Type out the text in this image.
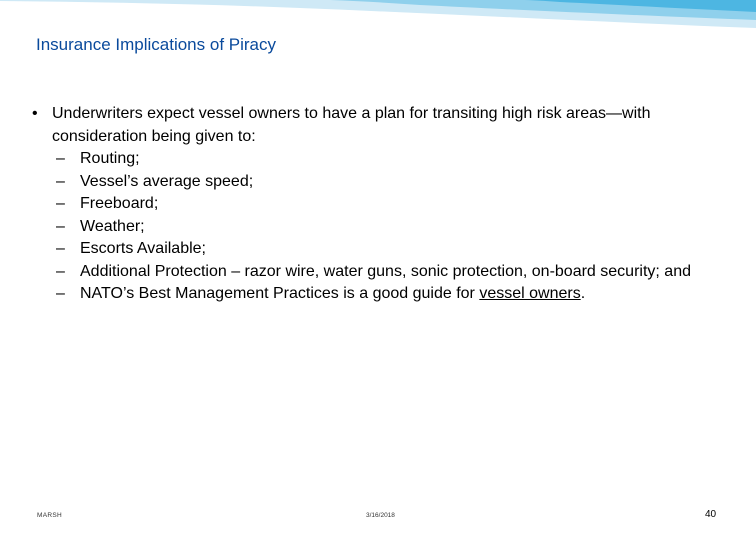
Insurance Implications of Piracy
• Underwriters expect vessel owners to have a plan for transiting high risk areas—with consideration being given to:
– Routing;
– Vessel’s average speed;
– Freeboard;
– Weather;
– Escorts Available;
– Additional Protection – razor wire, water guns, sonic protection, on-board security; and
– NATO’s Best Management Practices is a good guide for vessel owners.
MARSH	3/16/2018	40
